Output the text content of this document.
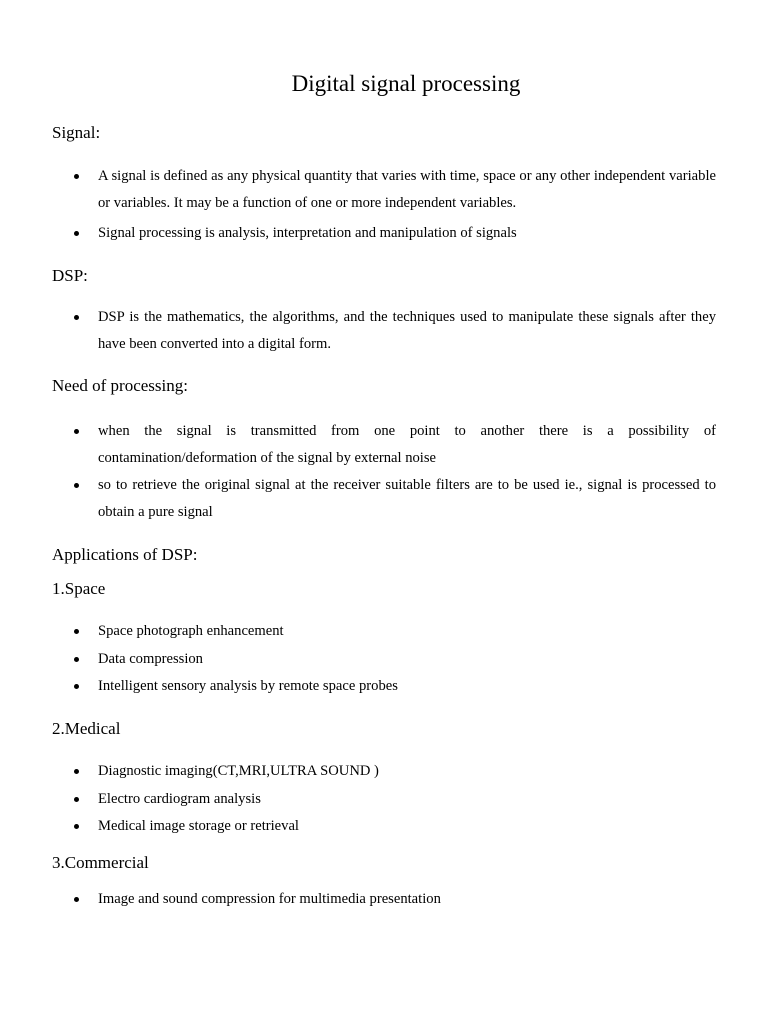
Digital signal processing
Signal:
A signal is defined as any physical quantity that varies with time, space or any other independent variable or variables. It may be a function of one or more independent variables.
Signal processing is analysis, interpretation and manipulation of signals
DSP:
DSP is the mathematics, the algorithms, and the techniques used to manipulate these signals after they have been converted into a digital form.
Need of processing:
when the signal is transmitted from one point to another there is a possibility of contamination/deformation of the signal by external noise
so to retrieve the original signal at the receiver suitable filters are to be used ie., signal is processed to obtain a pure signal
Applications of DSP:
1.Space
Space photograph enhancement
Data compression
Intelligent sensory analysis by remote space probes
2.Medical
Diagnostic imaging(CT,MRI,ULTRA SOUND )
Electro cardiogram analysis
Medical image storage or retrieval
3.Commercial
Image and sound compression for multimedia presentation
